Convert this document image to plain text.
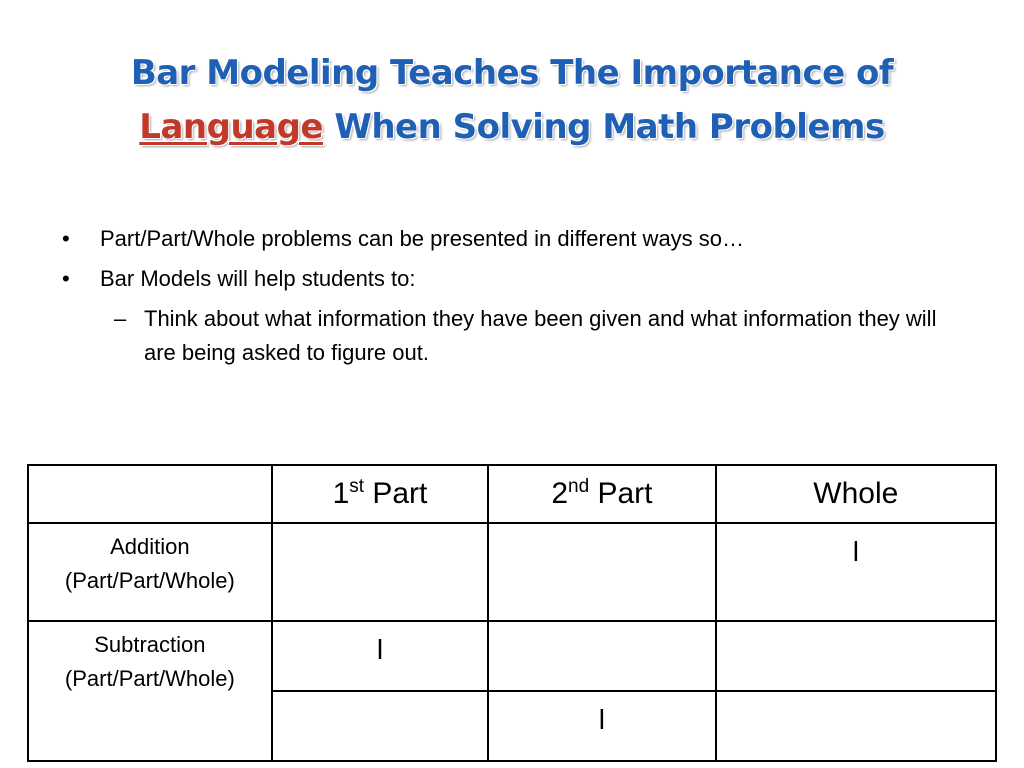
Bar Modeling Teaches The Importance of
Language When Solving Math Problems
•	Part/Part/Whole problems can be presented in different ways so…
•	Bar Models will help students to:
– Think about what information they have been given and what information they will are being asked to figure out.
	1st Part	2nd Part	Whole

Addition
(Part/Part/Whole)			l

Subtraction
(Part/Part/Whole)	l		
		l	
